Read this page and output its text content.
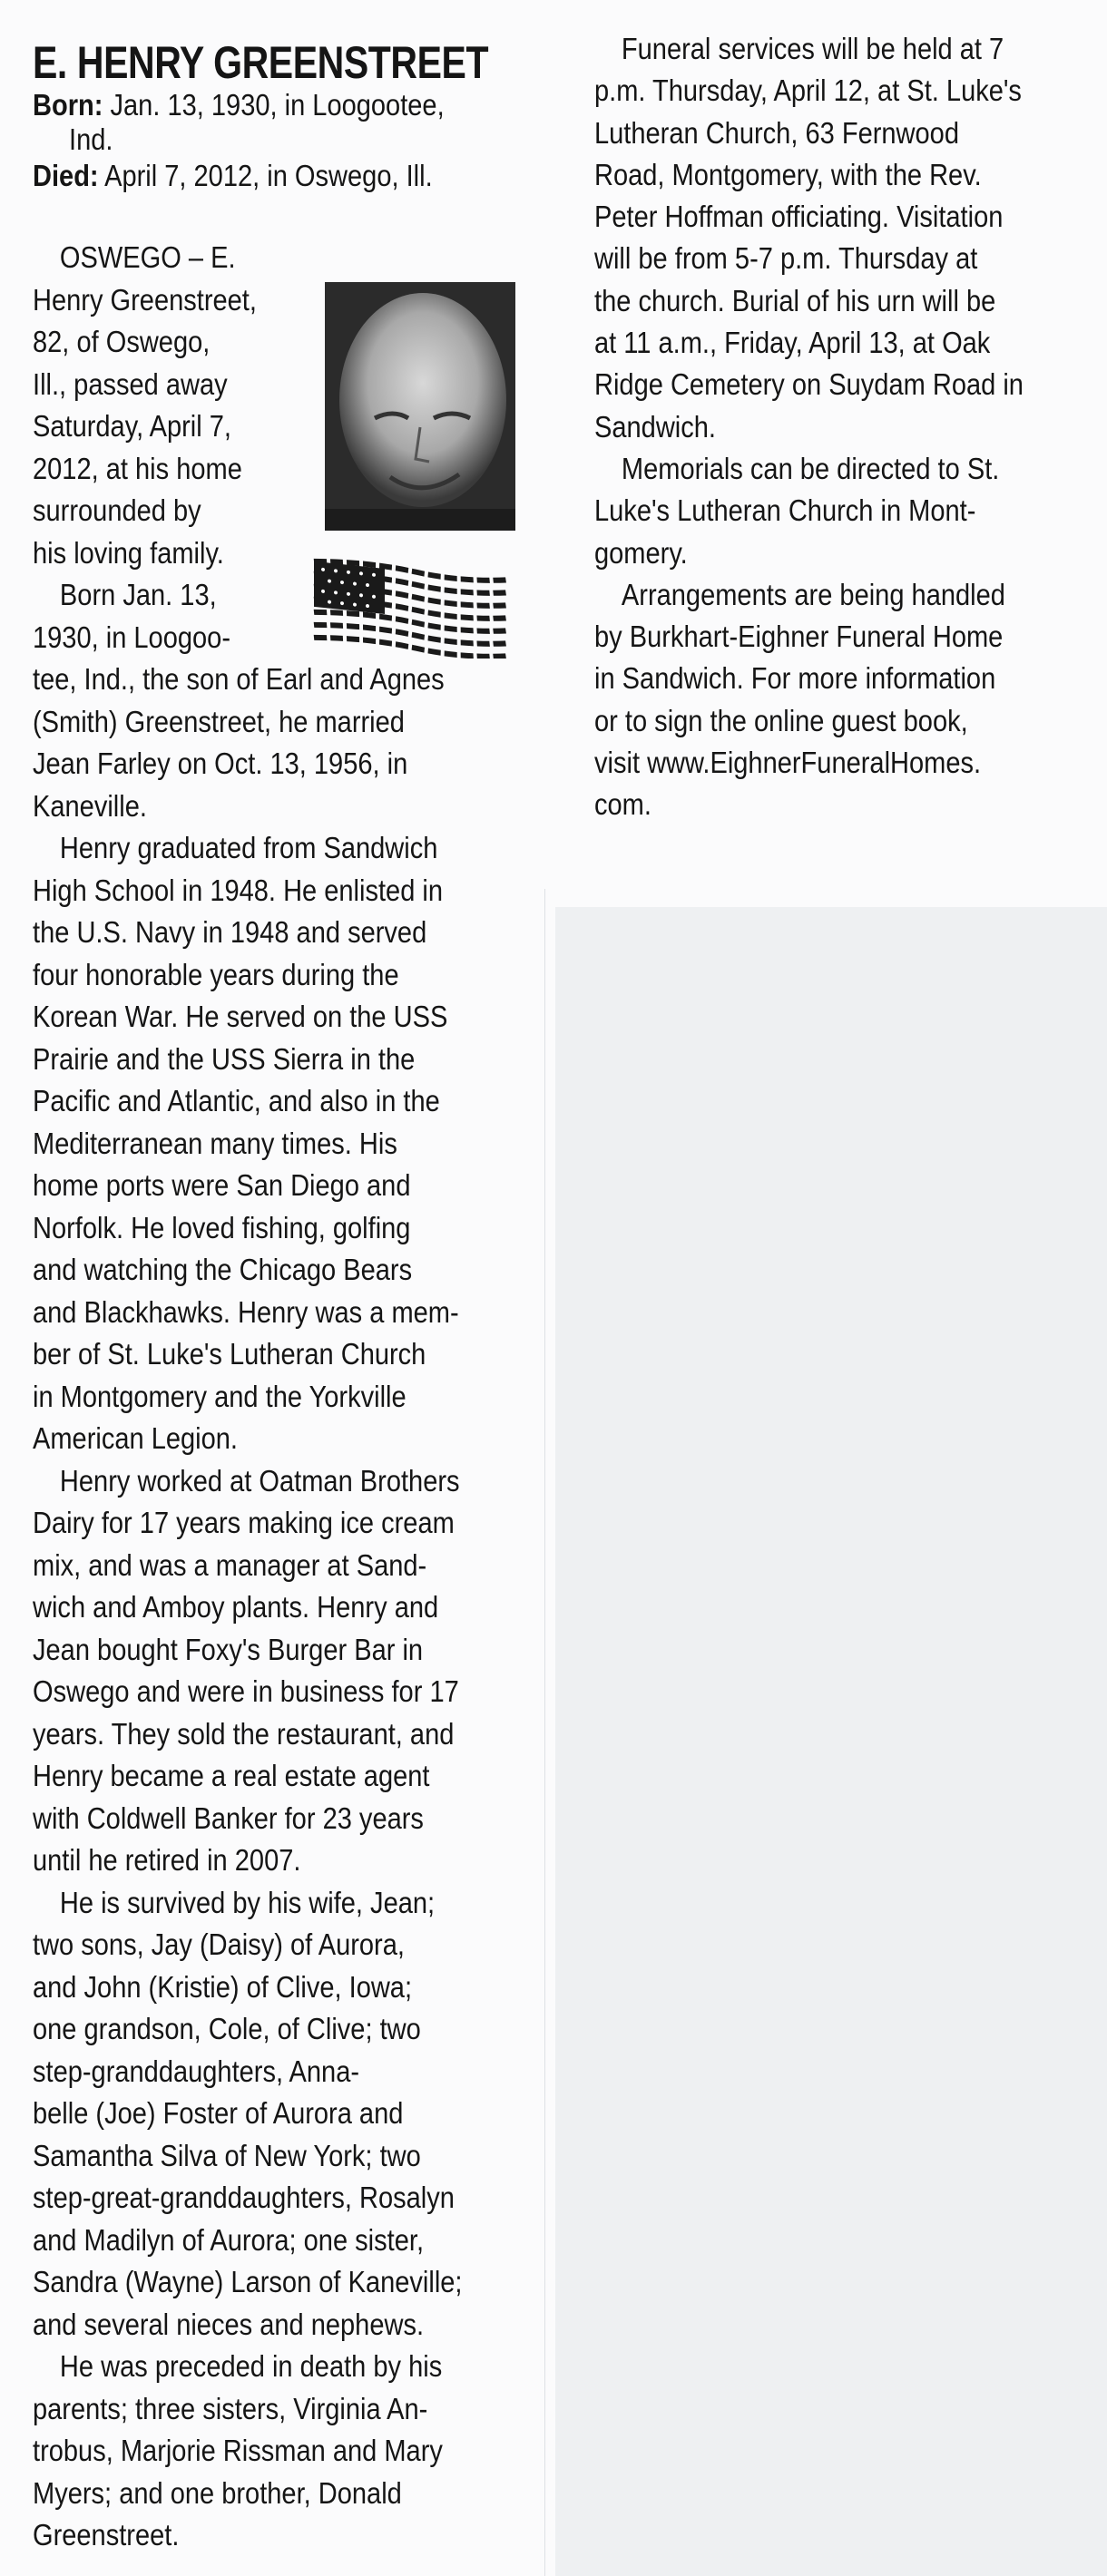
E. HENRY GREENSTREET
Born: Jan. 13, 1930, in Loogootee,
Ind.
Died: April 7, 2012, in Oswego, Ill.
OSWEGO – E.
Henry Greenstreet,
82, of Oswego,
Ill., passed away
Saturday, April 7,
2012, at his home
surrounded by
his loving family.
Born Jan. 13,
1930, in Loogoo-
tee, Ind., the son of Earl and Agnes
(Smith) Greenstreet, he married
Jean Farley on Oct. 13, 1956, in
Kaneville.
Henry graduated from Sandwich
High School in 1948. He enlisted in
the U.S. Navy in 1948 and served
four honorable years during the
Korean War. He served on the USS
Prairie and the USS Sierra in the
Pacific and Atlantic, and also in the
Mediterranean many times. His
home ports were San Diego and
Norfolk. He loved fishing, golfing
and watching the Chicago Bears
and Blackhawks. Henry was a mem-
ber of St. Luke's Lutheran Church
in Montgomery and the Yorkville
American Legion.
Henry worked at Oatman Brothers
Dairy for 17 years making ice cream
mix, and was a manager at Sand-
wich and Amboy plants. Henry and
Jean bought Foxy's Burger Bar in
Oswego and were in business for 17
years. They sold the restaurant, and
Henry became a real estate agent
with Coldwell Banker for 23 years
until he retired in 2007.
He is survived by his wife, Jean;
two sons, Jay (Daisy) of Aurora,
and John (Kristie) of Clive, Iowa;
one grandson, Cole, of Clive; two
step-granddaughters, Anna-
belle (Joe) Foster of Aurora and
Samantha Silva of New York; two
step-great-granddaughters, Rosalyn
and Madilyn of Aurora; one sister,
Sandra (Wayne) Larson of Kaneville;
and several nieces and nephews.
He was preceded in death by his
parents; three sisters, Virginia An-
trobus, Marjorie Rissman and Mary
Myers; and one brother, Donald
Greenstreet.
Funeral services will be held at 7
p.m. Thursday, April 12, at St. Luke's
Lutheran Church, 63 Fernwood
Road, Montgomery, with the Rev.
Peter Hoffman officiating. Visitation
will be from 5-7 p.m. Thursday at
the church. Burial of his urn will be
at 11 a.m., Friday, April 13, at Oak
Ridge Cemetery on Suydam Road in
Sandwich.
Memorials can be directed to St.
Luke's Lutheran Church in Mont-
gomery.
Arrangements are being handled
by Burkhart-Eighner Funeral Home
in Sandwich. For more information
or to sign the online guest book,
visit www.EighnerFuneralHomes.
com.
